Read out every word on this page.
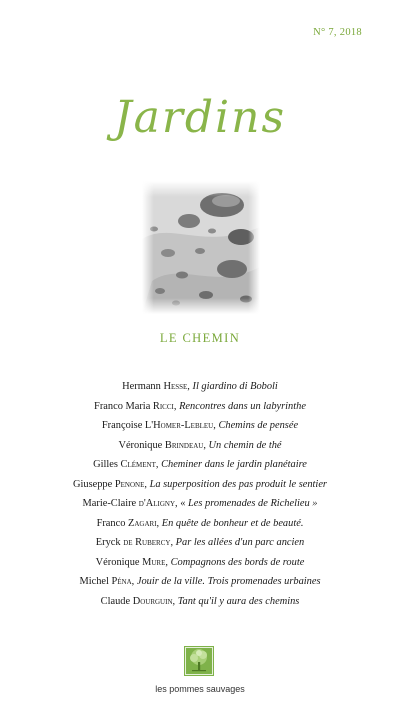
N° 7, 2018
Jardins
LE CHEMIN
Hermann Hesse, Il giardino di Boboli
Franco Maria Ricci, Rencontres dans un labyrinthe
Françoise L'Homer-Lebleu, Chemins de pensée
Véronique Brindeau, Un chemin de thé
Gilles Clément, Cheminer dans le jardin planétaire
Giuseppe Penone, La superposition des pas produit le sentier
Marie-Claire d'Aligny, « Les promenades de Richelieu »
Franco Zagari, En quête de bonheur et de beauté.
Eryck de Rubercy, Par les allées d'un parc ancien
Véronique Mure, Compagnons des bords de route
Michel Péna, Jouir de la ville. Trois promenades urbaines
Claude Dourguin, Tant qu'il y aura des chemins
les pommes sauvages
